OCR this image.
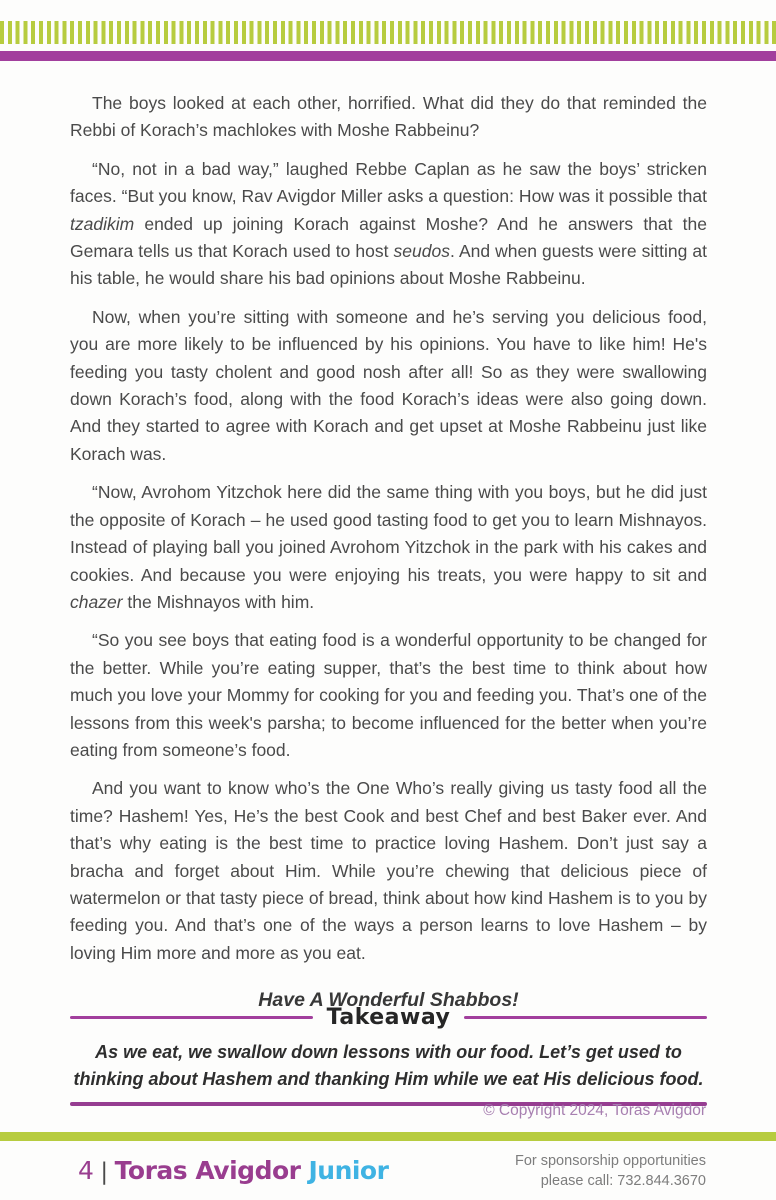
The boys looked at each other, horrified. What did they do that reminded the Rebbi of Korach’s machlokes with Moshe Rabbeinu?

“No, not in a bad way,” laughed Rebbe Caplan as he saw the boys’ stricken faces. “But you know, Rav Avigdor Miller asks a question: How was it possible that tzadikim ended up joining Korach against Moshe? And he answers that the Gemara tells us that Korach used to host seudos. And when guests were sitting at his table, he would share his bad opinions about Moshe Rabbeinu.

Now, when you’re sitting with someone and he’s serving you delicious food, you are more likely to be influenced by his opinions. You have to like him! He's feeding you tasty cholent and good nosh after all! So as they were swallowing down Korach’s food, along with the food Korach’s ideas were also going down. And they started to agree with Korach and get upset at Moshe Rabbeinu just like Korach was.

“Now, Avrohom Yitzchok here did the same thing with you boys, but he did just the opposite of Korach – he used good tasting food to get you to learn Mishnayos. Instead of playing ball you joined Avrohom Yitzchok in the park with his cakes and cookies. And because you were enjoying his treats, you were happy to sit and chazer the Mishnayos with him.

“So you see boys that eating food is a wonderful opportunity to be changed for the better. While you’re eating supper, that’s the best time to think about how much you love your Mommy for cooking for you and feeding you. That’s one of the lessons from this week's parsha; to become influenced for the better when you’re eating from someone’s food.

And you want to know who’s the One Who’s really giving us tasty food all the time? Hashem! Yes, He’s the best Cook and best Chef and best Baker ever. And that’s why eating is the best time to practice loving Hashem. Don’t just say a bracha and forget about Him. While you’re chewing that delicious piece of watermelon or that tasty piece of bread, think about how kind Hashem is to you by feeding you. And that’s one of the ways a person learns to love Hashem – by loving Him more and more as you eat.

Have A Wonderful Shabbos!

Takeaway

As we eat, we swallow down lessons with our food. Let’s get used to thinking about Hashem and thanking Him while we eat His delicious food.

© Copyright 2024, Toras Avigdor
4 | Toras Avigdor Junior	For sponsorship opportunities
please call: 732.844.3670
